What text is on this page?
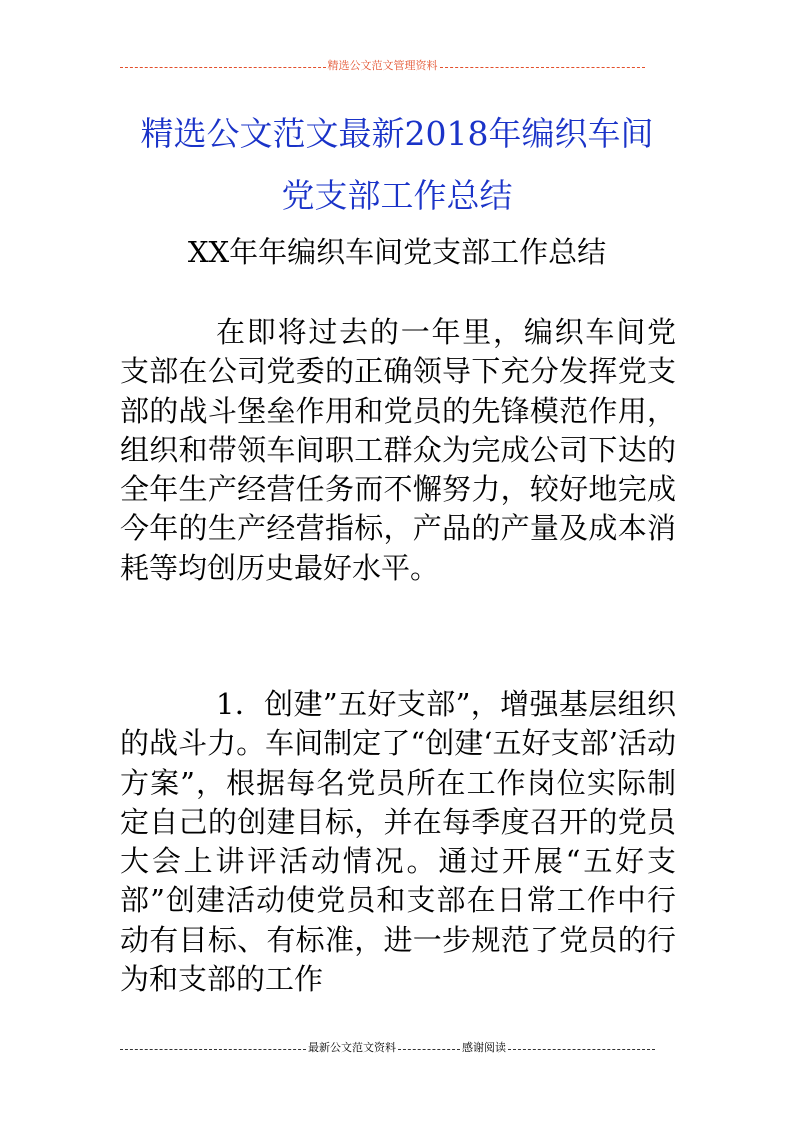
精选公文范文管理资料
精选公文范文最新2018年编织车间
党支部工作总结
XX年年编织车间党支部工作总结

在即将过去的一年里，编织车间党支部在公司党委的正确领导下充分发挥党支部的战斗堡垒作用和党员的先锋模范作用，组织和带领车间职工群众为完成公司下达的全年生产经营任务而不懈努力，较好地完成今年的生产经营指标，产品的产量及成本消耗等均创历史最好水平。

1．创建”五好支部”，增强基层组织的战斗力。车间制定了“创建‘五好支部’活动方案”，根据每名党员所在工作岗位实际制定自己的创建目标，并在每季度召开的党员大会上讲评活动情况。通过开展“五好支部”创建活动使党员和支部在日常工作中行动有目标、有标准，进一步规范了党员的行为和支部的工作

最新公文范文资料	感谢阅读
